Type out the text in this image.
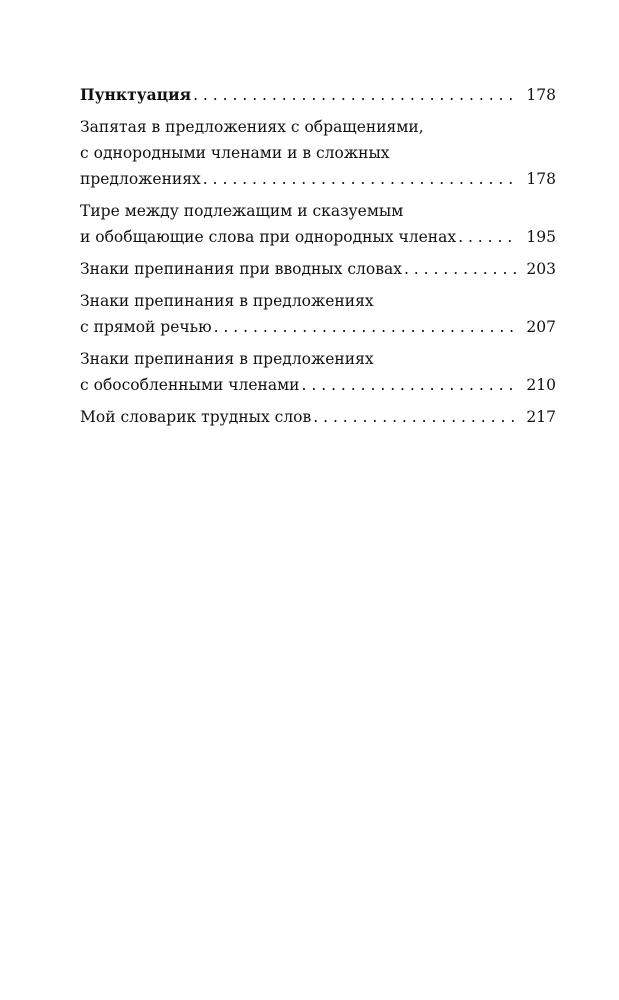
Пунктуация . . .	178
Запятая в предложениях с обращениями,
с однородными членами и в сложных
предложениях . . .	178
Тире между подлежащим и сказуемым
и обобщающие слова при однородных членах . . .	195
Знаки препинания при вводных словах . . .	203
Знаки препинания в предложениях
с прямой речью . . .	207
Знаки препинания в предложениях
с обособленными членами . . .	210
Мой словарик трудных слов . . .	217
